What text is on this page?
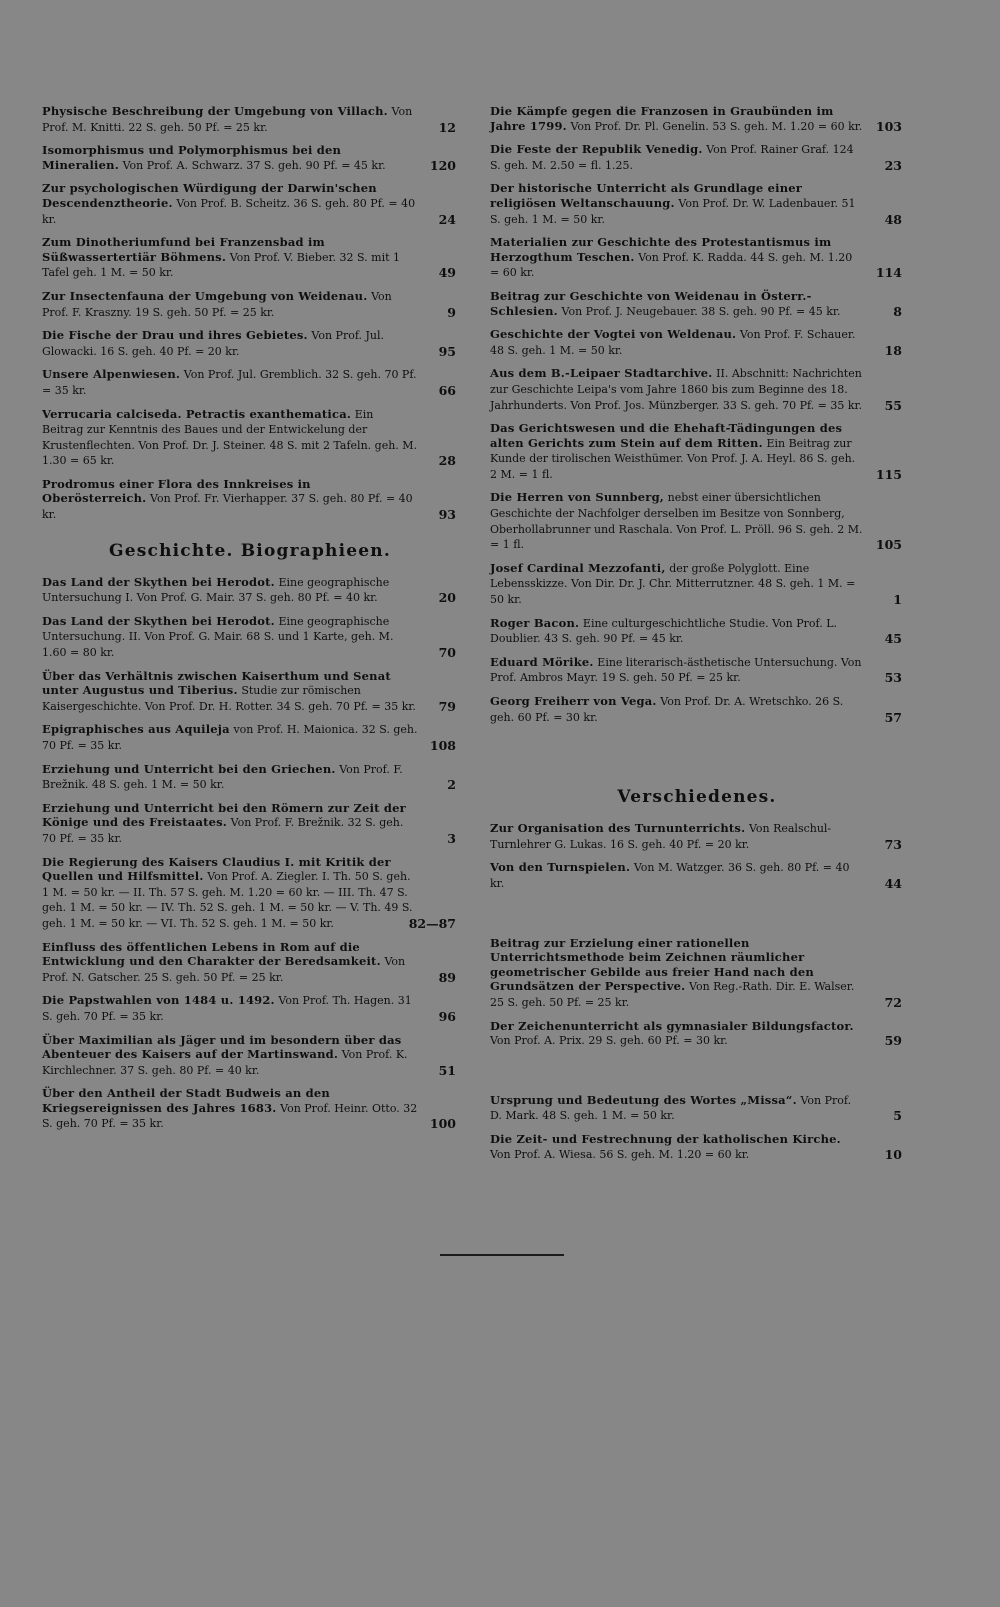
Physische Beschreibung der Umgebung von Villach. Von Prof. M. Knitti. 22 S. geh. 50 Pf. = 25 kr.	12
Isomorphismus und Polymorphismus bei den Mineralien. Von Prof. A. Schwarz. 37 S. geh. 90 Pf. = 45 kr.	120
Zur psychologischen Würdigung der Darwin'schen Descendenztheorie. Von Prof. B. Scheitz. 36 S. geh. 80 Pf. = 40 kr.	24
Zum Dinotheriumfund bei Franzensbad im Süßwassertertiär Böhmens. Von Prof. V. Bieber. 32 S. mit 1 Tafel geh. 1 M. = 50 kr.	49
Zur Insectenfauna der Umgebung von Weidenau. Von Prof. F. Kraszny. 19 S. geh. 50 Pf. = 25 kr.	9
Die Fische der Drau und ihres Gebietes. Von Prof. Jul. Glowacki. 16 S. geh. 40 Pf. = 20 kr.	95
Unsere Alpenwiesen. Von Prof. Jul. Gremblich. 32 S. geh. 70 Pf. = 35 kr.	66
Verrucaria calciseda. Petractis exanthematica. Ein Beitrag zur Kenntnis des Baues und der Entwickelung der Krustenflechten. Von Prof. Dr. J. Steiner. 48 S. mit 2 Tafeln. geh. M. 1.30 = 65 kr.	28
Prodromus einer Flora des Innkreises in Oberösterreich. Von Prof. Fr. Vierhapper. 37 S. geh. 80 Pf. = 40 kr.	93
Geschichte. Biographieen.
Das Land der Skythen bei Herodot. Eine geographische Untersuchung I. Von Prof. G. Mair. 37 S. geh. 80 Pf. = 40 kr.	20
Das Land der Skythen bei Herodot. Eine geographische Untersuchung. II. Von Prof. G. Mair. 68 S. und 1 Karte, geh. M. 1.60 = 80 kr.	70
Über das Verhältnis zwischen Kaiserthum und Senat unter Augustus und Tiberius. Studie zur römischen Kaisergeschichte. Von Prof. Dr. H. Rotter. 34 S. geh. 70 Pf. = 35 kr.	79
Epigraphisches aus Aquileja von Prof. H. Maionica. 32 S. geh. 70 Pf. = 35 kr.	108
Erziehung und Unterricht bei den Griechen. Von Prof. F. Brežnik. 48 S. geh. 1 M. = 50 kr.	2
Erziehung und Unterricht bei den Römern zur Zeit der Könige und des Freistaates. Von Prof. F. Brežnik. 32 S. geh. 70 Pf. = 35 kr.	3
Die Regierung des Kaisers Claudius I. mit Kritik der Quellen und Hilfsmittel. Von Prof. A. Ziegler. I. Th. 50 S. geh. 1 M. = 50 kr. — II. Th. 57 S. geh. M. 1.20 = 60 kr. — III. Th. 47 S. geh. 1 M. = 50 kr. — IV. Th. 52 S. geh. 1 M. = 50 kr. — V. Th. 49 S. geh. 1 M. = 50 kr. — VI. Th. 52 S. geh. 1 M. = 50 kr.	82—87
Einfluss des öffentlichen Lebens in Rom auf die Entwicklung und den Charakter der Beredsamkeit. Von Prof. N. Gatscher. 25 S. geh. 50 Pf. = 25 kr.	89
Die Papstwahlen von 1484 u. 1492. Von Prof. Th. Hagen. 31 S. geh. 70 Pf. = 35 kr.	96
Über Maximilian als Jäger und im besondern über das Abenteuer des Kaisers auf der Martinswand. Von Prof. K. Kirchlechner. 37 S. geh. 80 Pf. = 40 kr.	51
Über den Antheil der Stadt Budweis an den Kriegsereignissen des Jahres 1683. Von Prof. Heinr. Otto. 32 S. geh. 70 Pf. = 35 kr.	100
Die Kämpfe gegen die Franzosen in Graubünden im Jahre 1799. Von Prof. Dr. Pl. Genelin. 53 S. geh. M. 1.20 = 60 kr.	103
Die Feste der Republik Venedig. Von Prof. Rainer Graf. 124 S. geh. M. 2.50 = fl. 1.25.	23
Der historische Unterricht als Grundlage einer religiösen Weltanschauung. Von Prof. Dr. W. Ladenbauer. 51 S. geh. 1 M. = 50 kr.	48
Materialien zur Geschichte des Protestantismus im Herzogthum Teschen. Von Prof. K. Radda. 44 S. geh. M. 1.20 = 60 kr.	114
Beitrag zur Geschichte von Weidenau in Österr.-Schlesien. Von Prof. J. Neugebauer. 38 S. geh. 90 Pf. = 45 kr.	8
Geschichte der Vogtei von Weldenau. Von Prof. F. Schauer. 48 S. geh. 1 M. = 50 kr.	18
Aus dem B.-Leipaer Stadtarchive. II. Abschnitt: Nachrichten zur Geschichte Leipa's vom Jahre 1860 bis zum Beginne des 18. Jahrhunderts. Von Prof. Jos. Münzberger. 33 S. geh. 70 Pf. = 35 kr.	55
Das Gerichtswesen und die Ehehaft-Tädingungen des alten Gerichts zum Stein auf dem Ritten. Ein Beitrag zur Kunde der tirolischen Weisthümer. Von Prof. J. A. Heyl. 86 S. geh. 2 M. = 1 fl.	115
Die Herren von Sunnberg, nebst einer übersichtlichen Geschichte der Nachfolger derselben im Besitze von Sonnberg, Oberhollabrunner und Raschala. Von Prof. L. Pröll. 96 S. geh. 2 M. = 1 fl.	105
Josef Cardinal Mezzofanti, der große Polyglott. Eine Lebensskizze. Von Dir. Dr. J. Chr. Mitterrutzner. 48 S. geh. 1 M. = 50 kr.	1
Roger Bacon. Eine culturgeschichtliche Studie. Von Prof. L. Doublier. 43 S. geh. 90 Pf. = 45 kr.	45
Eduard Mörike. Eine literarisch-ästhetische Untersuchung. Von Prof. Ambros Mayr. 19 S. geh. 50 Pf. = 25 kr.	53
Georg Freiherr von Vega. Von Prof. Dr. A. Wretschko. 26 S. geh. 60 Pf. = 30 kr.	57
Verschiedenes.
Zur Organisation des Turnunterrichts. Von Realschul-Turnlehrer G. Lukas. 16 S. geh. 40 Pf. = 20 kr.	73
Von den Turnspielen. Von M. Watzger. 36 S. geh. 80 Pf. = 40 kr.	44
Beitrag zur Erzielung einer rationellen Unterrichtsmethode beim Zeichnen räumlicher geometrischer Gebilde aus freier Hand nach den Grundsätzen der Perspective. Von Reg.-Rath. Dir. E. Walser. 25 S. geh. 50 Pf. = 25 kr.	72
Der Zeichenunterricht als gymnasialer Bildungsfactor. Von Prof. A. Prix. 29 S. geh. 60 Pf. = 30 kr.	59
Ursprung und Bedeutung des Wortes „Missa“. Von Prof. D. Mark. 48 S. geh. 1 M. = 50 kr.	5
Die Zeit- und Festrechnung der katholischen Kirche. Von Prof. A. Wiesa. 56 S. geh. M. 1.20 = 60 kr.	10
